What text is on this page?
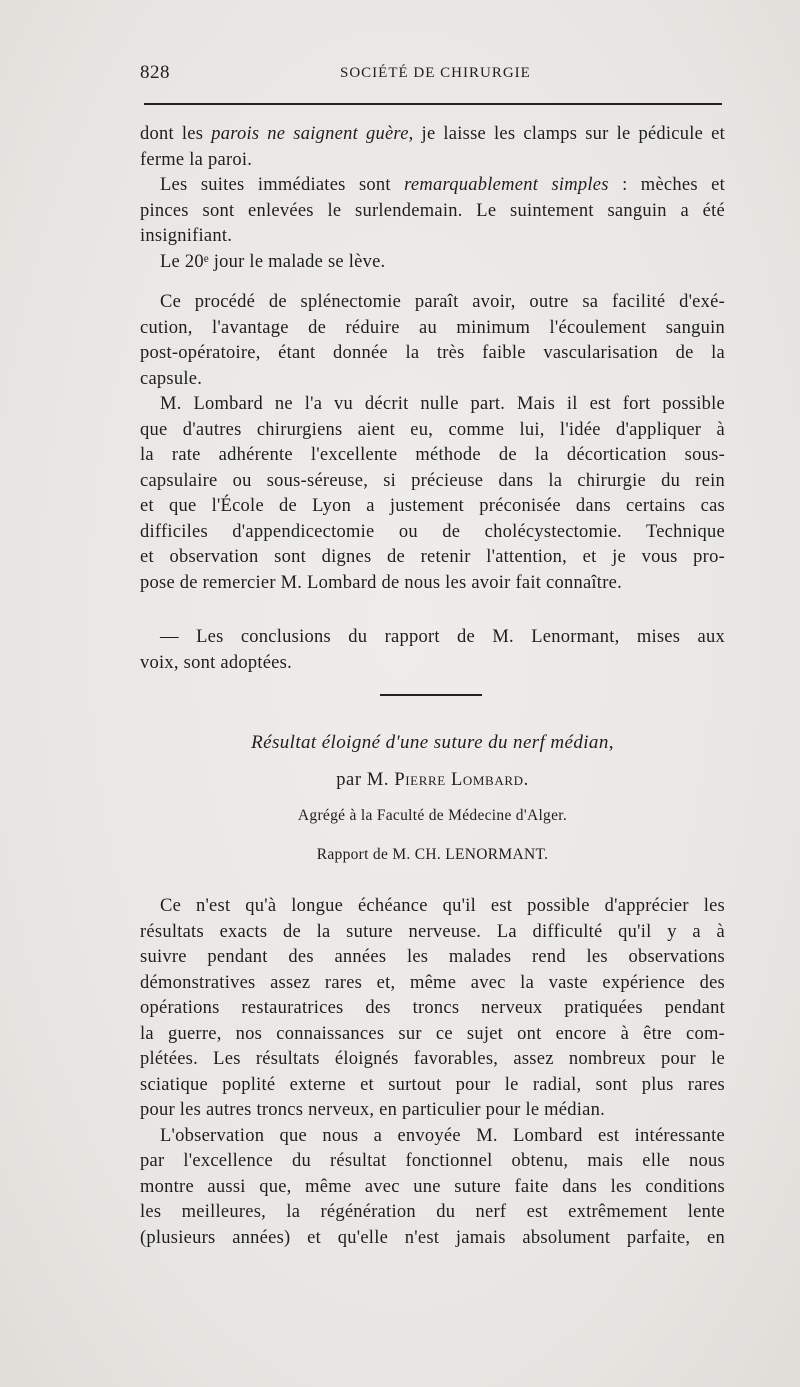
828	SOCIÉTÉ DE CHIRURGIE
dont les parois ne saignent guère, je laisse les clamps sur le pédicule et
ferme la paroi.
Les suites immédiates sont remarquablement simples : mèches et
pinces sont enlevées le surlendemain. Le suintement sanguin a été
insignifiant.
Le 20ᵉ jour le malade se lève.
Ce procédé de splénectomie paraît avoir, outre sa facilité d'exé-
cution, l'avantage de réduire au minimum l'écoulement sanguin
post-opératoire, étant donnée la très faible vascularisation de la
capsule.
M. Lombard ne l'a vu décrit nulle part. Mais il est fort possible
que d'autres chirurgiens aient eu, comme lui, l'idée d'appliquer à
la rate adhérente l'excellente méthode de la décortication sous-
capsulaire ou sous-séreuse, si précieuse dans la chirurgie du rein
et que l'École de Lyon a justement préconisée dans certains cas
difficiles d'appendicectomie ou de cholécystectomie. Technique
et observation sont dignes de retenir l'attention, et je vous pro-
pose de remercier M. Lombard de nous les avoir fait connaître.
— Les conclusions du rapport de M. Lenormant, mises aux
voix, sont adoptées.
Résultat éloigné d'une suture du nerf médian,
par M. Pierre Lombard.
Agrégé à la Faculté de Médecine d'Alger.
Rapport de M. CH. LENORMANT.
Ce n'est qu'à longue échéance qu'il est possible d'apprécier les
résultats exacts de la suture nerveuse. La difficulté qu'il y a à
suivre pendant des années les malades rend les observations
démonstratives assez rares et, même avec la vaste expérience des
opérations restauratrices des troncs nerveux pratiquées pendant
la guerre, nos connaissances sur ce sujet ont encore à être com-
plétées. Les résultats éloignés favorables, assez nombreux pour le
sciatique poplité externe et surtout pour le radial, sont plus rares
pour les autres troncs nerveux, en particulier pour le médian.
L'observation que nous a envoyée M. Lombard est intéressante
par l'excellence du résultat fonctionnel obtenu, mais elle nous
montre aussi que, même avec une suture faite dans les conditions
les meilleures, la régénération du nerf est extrêmement lente
(plusieurs années) et qu'elle n'est jamais absolument parfaite, en
